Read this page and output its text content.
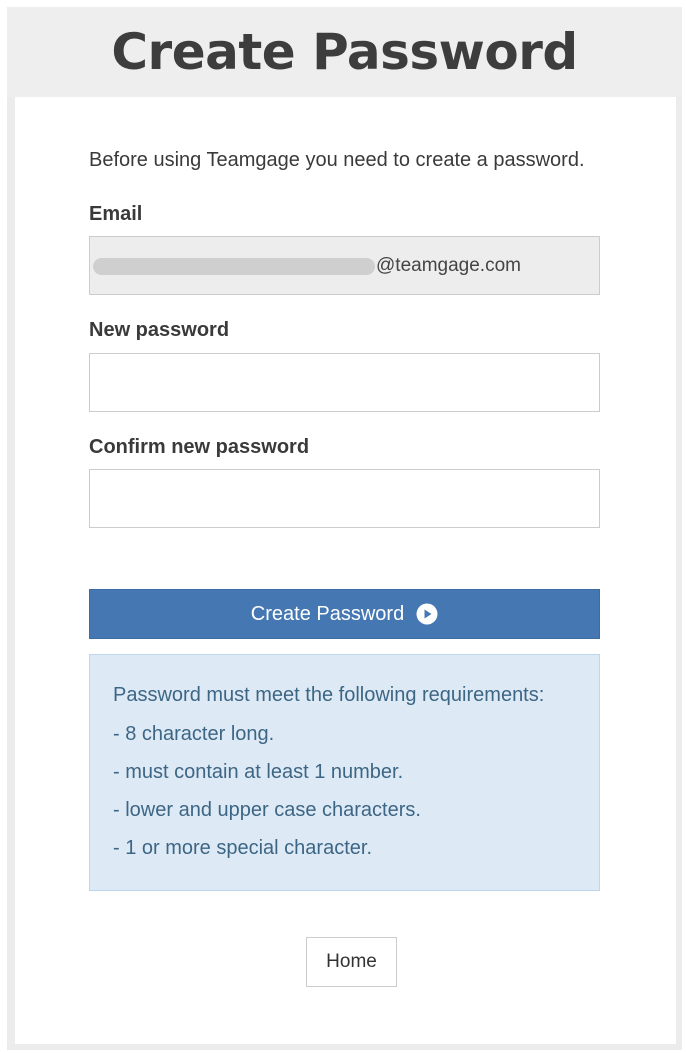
Create Password

Before using Teamgage you need to create a password.

Email
@teamgage.com
New password
Confirm new password
Create Password

Password must meet the following requirements:

- 8 character long.
- must contain at least 1 number.
- lower and upper case characters.
- 1 or more special character.
Home
